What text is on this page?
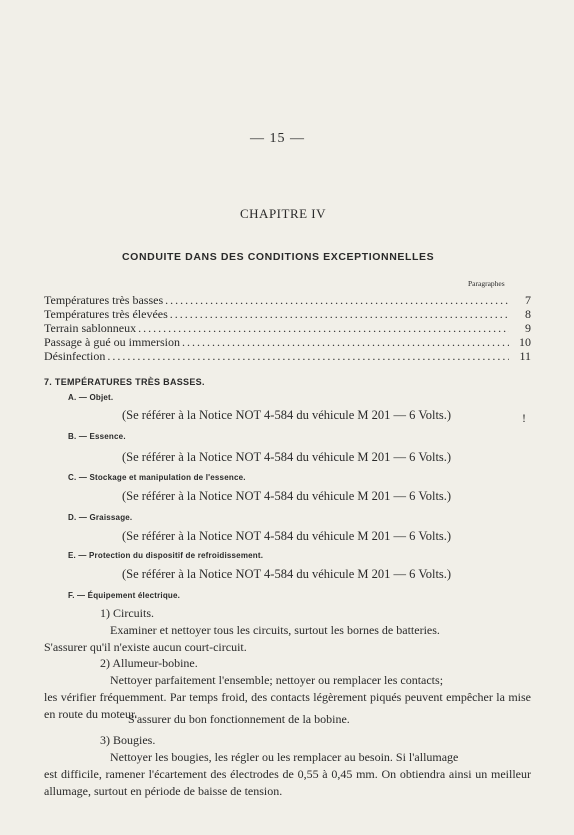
— 15 —
CHAPITRE IV
CONDUITE DANS DES CONDITIONS EXCEPTIONNELLES
Paragraphes
Températures très basses . . .	7
Températures très élevées . . .	8
Terrain sablonneux . . .	9
Passage à gué ou immersion . . .	10
Désinfection . . .	11
7. TEMPÉRATURES TRÈS BASSES.
A. — Objet.
(Se référer à la Notice NOT 4-584 du véhicule M 201 — 6 Volts.)	!
B. — Essence.
(Se référer à la Notice NOT 4-584 du véhicule M 201 — 6 Volts.)
C. — Stockage et manipulation de l'essence.
(Se référer à la Notice NOT 4-584 du véhicule M 201 — 6 Volts.)
D. — Graissage.
(Se référer à la Notice NOT 4-584 du véhicule M 201 — 6 Volts.)
E. — Protection du dispositif de refroidissement.
(Se référer à la Notice NOT 4-584 du véhicule M 201 — 6 Volts.)
F. — Équipement électrique.
1) Circuits.
Examiner et nettoyer tous les circuits, surtout les bornes de batteries.
S'assurer qu'il n'existe aucun court-circuit.
2) Allumeur-bobine.
Nettoyer parfaitement l'ensemble; nettoyer ou remplacer les contacts;
les vérifier fréquemment. Par temps froid, des contacts légèrement piqués peuvent empêcher la mise en route du moteur.
S'assurer du bon fonctionnement de la bobine.
3) Bougies.
Nettoyer les bougies, les régler ou les remplacer au besoin. Si l'allumage
est difficile, ramener l'écartement des électrodes de 0,55 à 0,45 mm. On obtiendra ainsi un meilleur allumage, surtout en période de baisse de tension.
